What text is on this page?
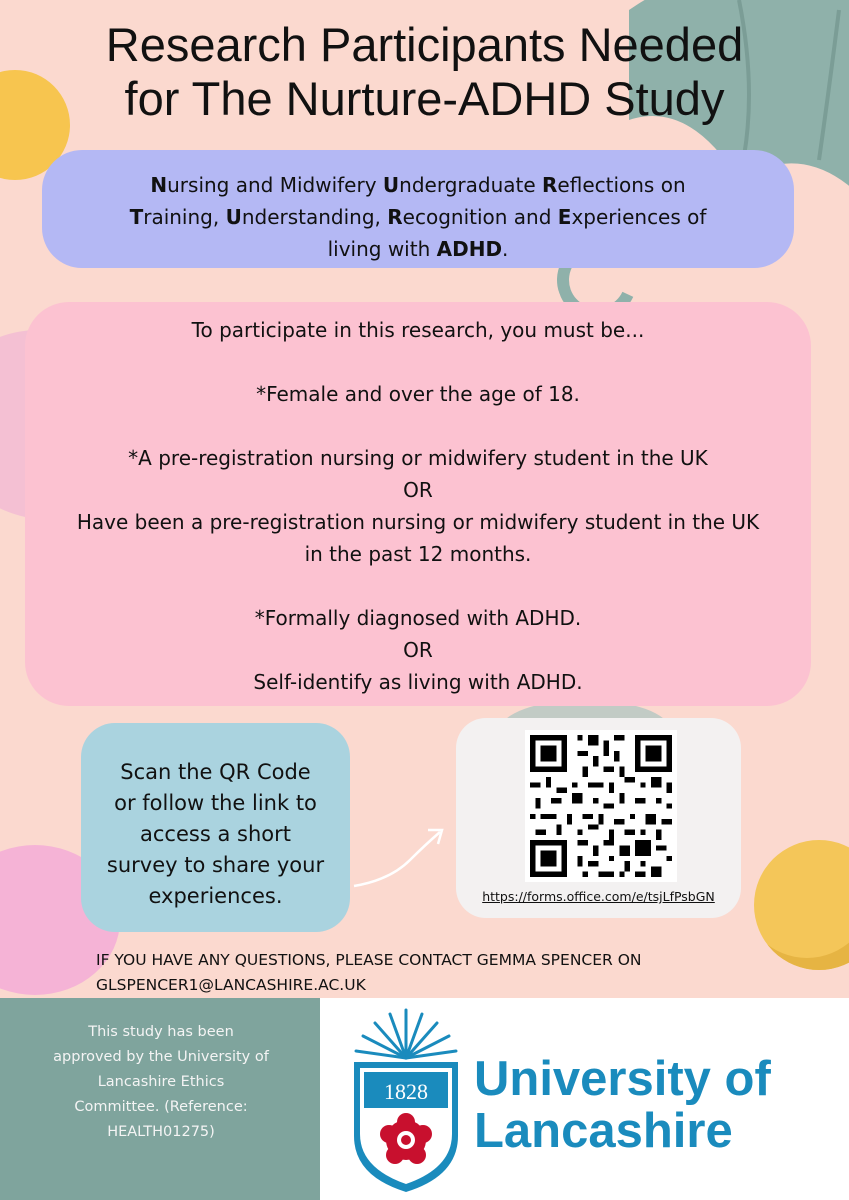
Research Participants Needed
for The Nurture-ADHD Study
Nursing and Midwifery Undergraduate Reflections on
Training, Understanding, Recognition and Experiences of
living with ADHD.

To participate in this research, you must be...

*Female and over the age of 18.

*A pre-registration nursing or midwifery student in the UK

OR

Have been a pre-registration nursing or midwifery student in the UK

in the past 12 months.

*Formally diagnosed with ADHD.

OR

Self-identify as living with ADHD.

Scan the QR Code
or follow the link to
access a short
survey to share your
experiences.	https://forms.office.com/e/tsjLfPsbGN
IF YOU HAVE ANY QUESTIONS, PLEASE CONTACT GEMMA SPENCER ON
GLSPENCER1@LANCASHIRE.AC.UK
This study has been
approved by the University of
Lancashire Ethics
Committee. (Reference:
HEALTH01275)
1828 University of
Lancashire
